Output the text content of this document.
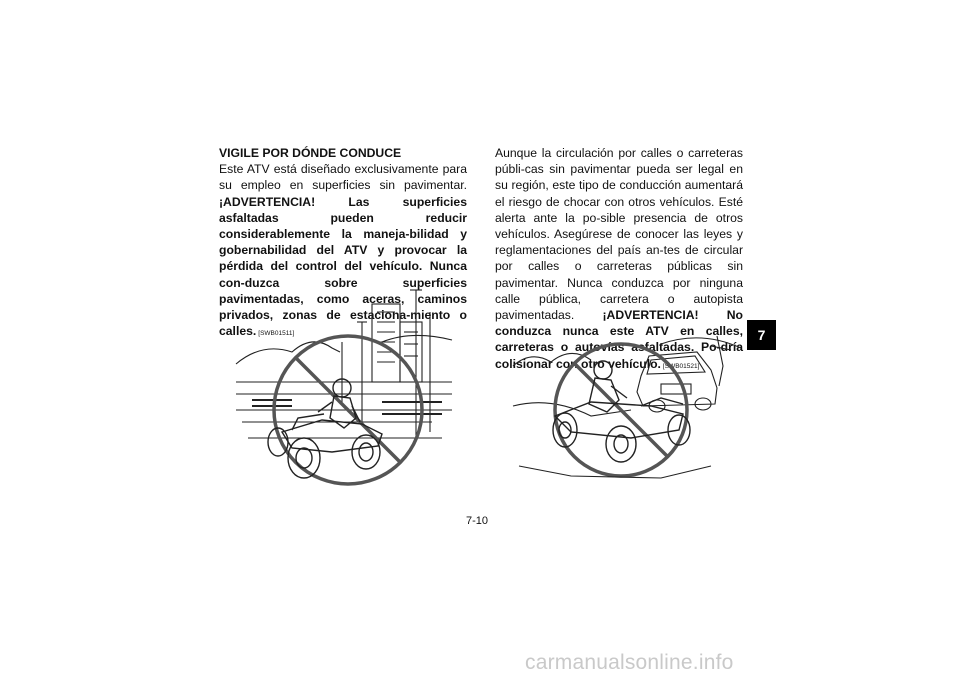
VIGILE POR DÓNDE CONDUCE
Este ATV está diseñado exclusivamente para su empleo en superficies sin pavimentar. ¡ADVERTENCIA! Las superficies asfaltadas pueden reducir considerablemente la maneja-bilidad y gobernabilidad del ATV y provocar la pérdida del control del vehículo. Nunca con-duzca sobre superficies pavimentadas, como aceras, caminos privados, zonas de estaciona-miento o calles. [SWB01511]
Aunque la circulación por calles o carreteras públi-cas sin pavimentar pueda ser legal en su región, este tipo de conducción aumentará el riesgo de chocar con otros vehículos. Esté alerta ante la po-sible presencia de otros vehículos. Asegúrese de conocer las leyes y reglamentaciones del país an-tes de circular por calles o carreteras públicas sin pavimentar. Nunca conduzca por ninguna calle pública, carretera o autopista pavimentadas. ¡ADVERTENCIA! No conduzca nunca este ATV en calles, carreteras o autovías asfaltadas. Po-dría colisionar con otro vehículo. [SWB01521]
7-10
7
carmanualsonline.info
